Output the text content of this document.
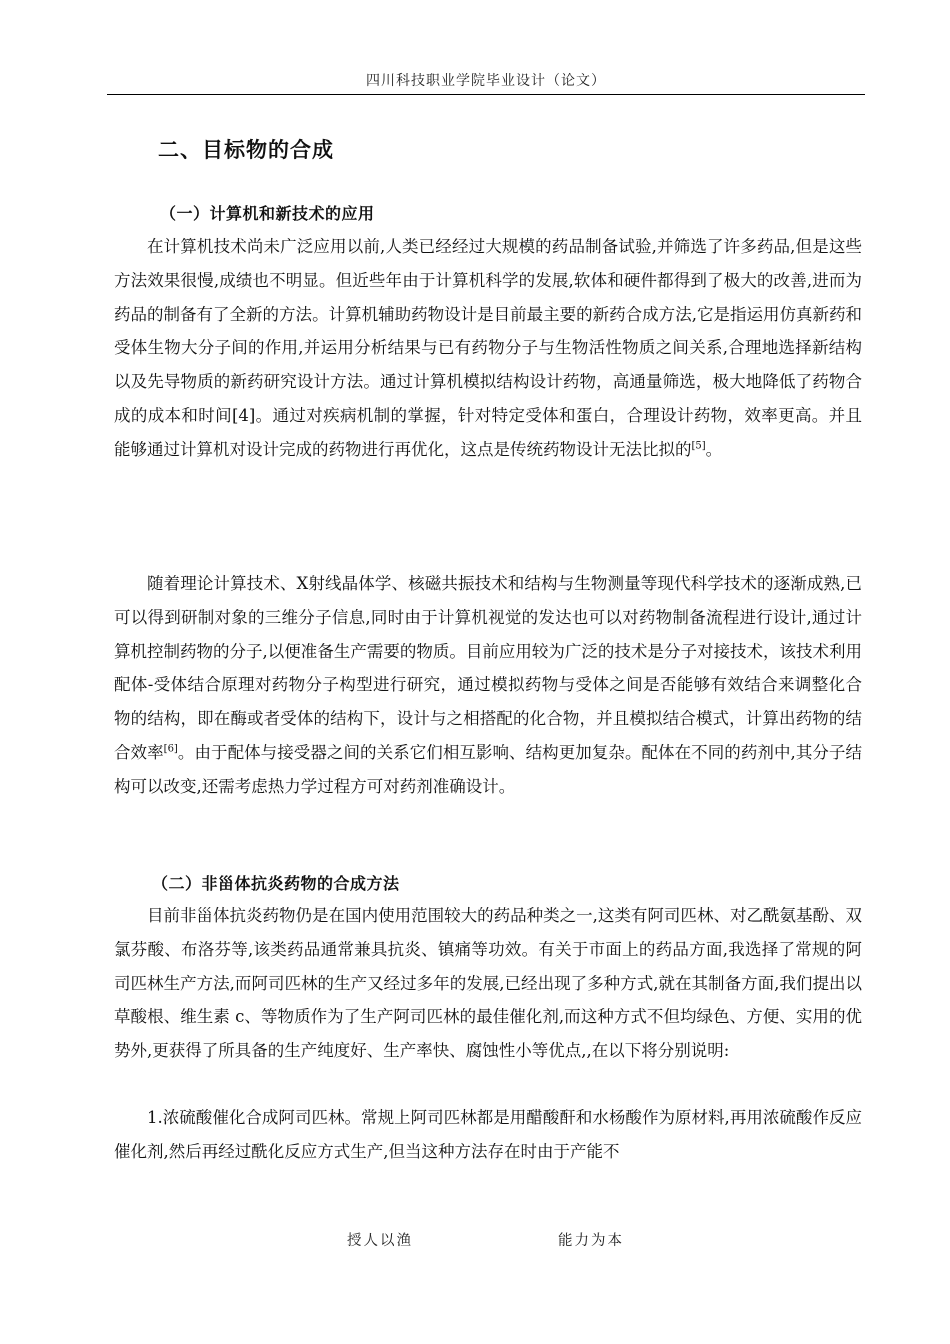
四川科技职业学院毕业设计（论文）
二、目标物的合成
（一）计算机和新技术的应用

在计算机技术尚未广泛应用以前,人类已经经过大规模的药品制备试验,并筛选了许多药品,但是这些方法效果很慢,成绩也不明显。但近些年由于计算机科学的发展,软体和硬件都得到了极大的改善,进而为药品的制备有了全新的方法。计算机辅助药物设计是目前最主要的新药合成方法,它是指运用仿真新药和受体生物大分子间的作用,并运用分析结果与已有药物分子与生物活性物质之间关系,合理地选择新结构以及先导物质的新药研究设计方法。通过计算机模拟结构设计药物，高通量筛选，极大地降低了药物合成的成本和时间[4]。通过对疾病机制的掌握，针对特定受体和蛋白，合理设计药物，效率更高。并且能够通过计算机对设计完成的药物进行再优化，这点是传统药物设计无法比拟的[5]。

随着理论计算技术、X射线晶体学、核磁共振技术和结构与生物测量等现代科学技术的逐渐成熟,已可以得到研制对象的三维分子信息,同时由于计算机视觉的发达也可以对药物制备流程进行设计,通过计算机控制药物的分子,以便准备生产需要的物质。目前应用较为广泛的技术是分子对接技术，该技术利用配体-受体结合原理对药物分子构型进行研究，通过模拟药物与受体之间是否能够有效结合来调整化合物的结构，即在酶或者受体的结构下，设计与之相搭配的化合物，并且模拟结合模式，计算出药物的结合效率[6]。由于配体与接受器之间的关系它们相互影响、结构更加复杂。配体在不同的药剂中,其分子结构可以改变,还需考虑热力学过程方可对药剂准确设计。

（二）非甾体抗炎药物的合成方法

目前非甾体抗炎药物仍是在国内使用范围较大的药品种类之一,这类有阿司匹林、对乙酰氨基酚、双氯芬酸、布洛芬等,该类药品通常兼具抗炎、镇痛等功效。有关于市面上的药品方面,我选择了常规的阿司匹林生产方法,而阿司匹林的生产又经过多年的发展,已经出现了多种方式,就在其制备方面,我们提出以草酸根、维生素 c、等物质作为了生产阿司匹林的最佳催化剂,而这种方式不但均绿色、方便、实用的优势外,更获得了所具备的生产纯度好、生产率快、腐蚀性小等优点,,在以下将分别说明:

1.浓硫酸催化合成阿司匹林。常规上阿司匹林都是用醋酸酐和水杨酸作为原材料,再用浓硫酸作反应催化剂,然后再经过酰化反应方式生产,但当这种方法存在时由于产能不

授人以渔	能力为本
